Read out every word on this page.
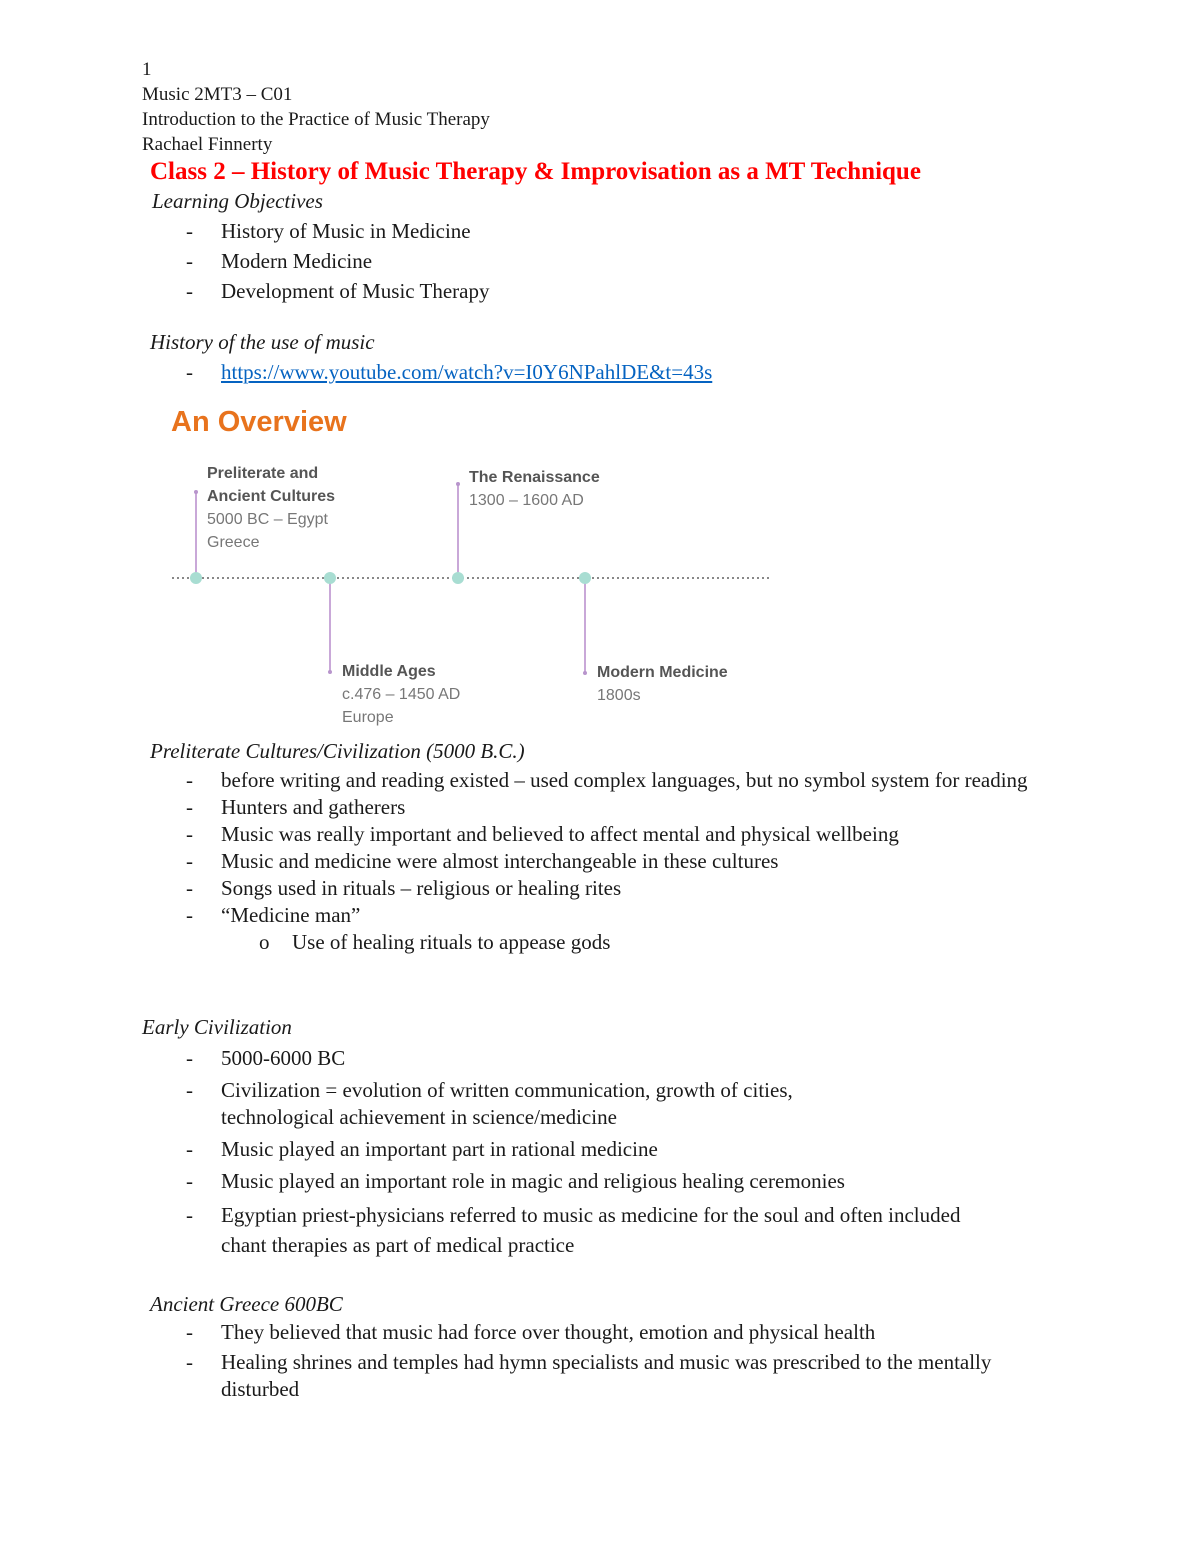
1
Music 2MT3 – C01
Introduction to the Practice of Music Therapy
Rachael Finnerty
Class 2 – History of Music Therapy & Improvisation as a MT Technique
Learning Objectives
- History of Music in Medicine
- Modern Medicine
- Development of Music Therapy
History of the use of music
- https://www.youtube.com/watch?v=I0Y6NPahlDE&t=43s
An Overview
Preliterate and
Ancient Cultures
5000 BC – Egypt
Greece
Middle Ages
c.476 – 1450 AD
Europe
The Renaissance
1300 – 1600 AD
Modern Medicine
1800s
Preliterate Cultures/Civilization (5000 B.C.)
- before writing and reading existed – used complex languages, but no symbol system for reading
- Hunters and gatherers
- Music was really important and believed to affect mental and physical wellbeing
- Music and medicine were almost interchangeable in these cultures
- Songs used in rituals – religious or healing rites
- “Medicine man”
o Use of healing rituals to appease gods
Early Civilization
- 5000-6000 BC
- Civilization = evolution of written communication, growth of cities, technological achievement in science/medicine
- Music played an important part in rational medicine
- Music played an important role in magic and religious healing ceremonies
- Egyptian priest-physicians referred to music as medicine for the soul and often included chant therapies as part of medical practice
Ancient Greece 600BC
- They believed that music had force over thought, emotion and physical health
- Healing shrines and temples had hymn specialists and music was prescribed to the mentally disturbed
